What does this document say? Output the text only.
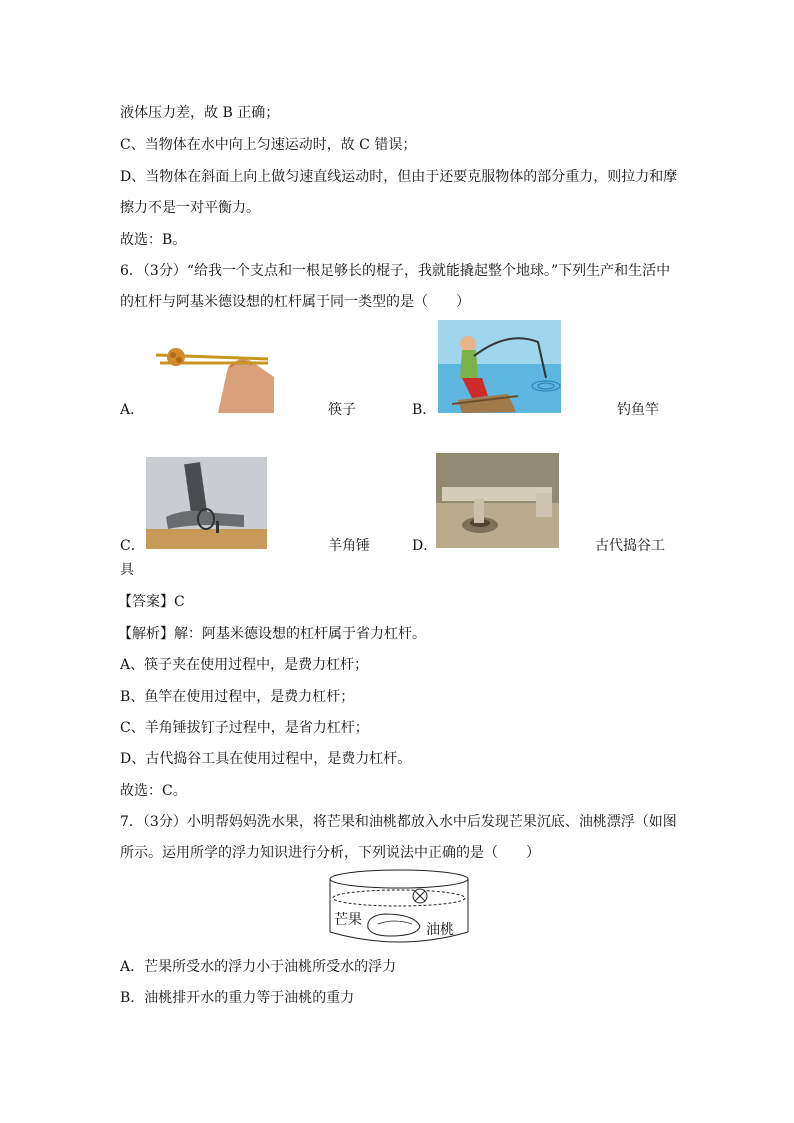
液体压力差，故 B 正确；
C、当物体在水中向上匀速运动时，故 C 错误；
D、当物体在斜面上向上做匀速直线运动时，但由于还要克服物体的部分重力，则拉力和摩
擦力不是一对平衡力。
故选：B。
6．（3分）“给我一个支点和一根足够长的棍子，我就能撬起整个地球。”下列生产和生活中
的杠杆与阿基米德设想的杠杆属于同一类型的是（　　）
A．	筷子	B．	钓鱼竿
C．	羊角锤	D．	古代捣谷工
具
【答案】C
【解析】解：阿基米德设想的杠杆属于省力杠杆。
A、筷子夹在使用过程中，是费力杠杆；
B、鱼竿在使用过程中，是费力杠杆；
C、羊角锤拔钉子过程中，是省力杠杆；
D、古代捣谷工具在使用过程中，是费力杠杆。
故选：C。
7．（3分）小明帮妈妈洗水果，将芒果和油桃都放入水中后发现芒果沉底、油桃漂浮（如图
所示。运用所学的浮力知识进行分析，下列说法中正确的是（　　）
芒果
油桃
A．芒果所受水的浮力小于油桃所受水的浮力
B．油桃排开水的重力等于油桃的重力
